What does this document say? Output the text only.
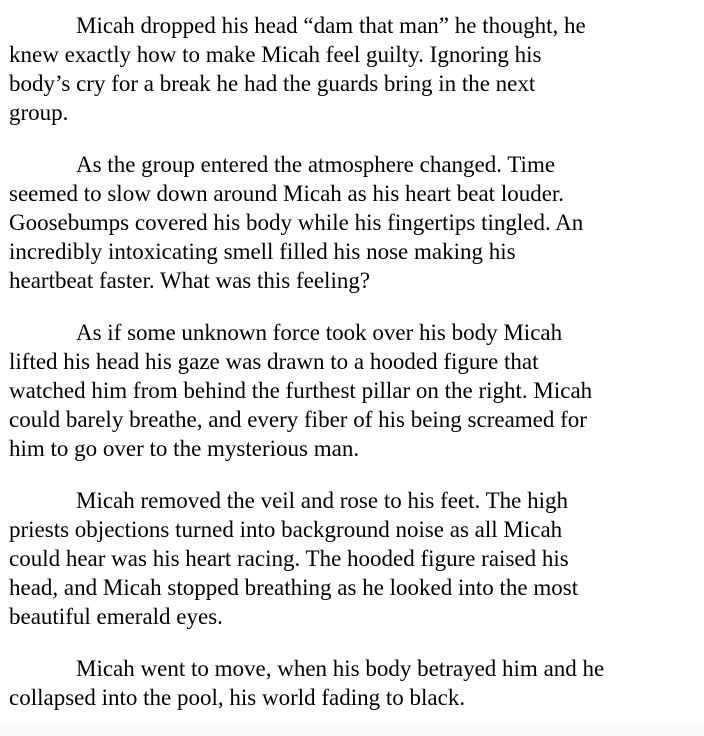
Micah dropped his head “dam that man” he thought, he
knew exactly how to make Micah feel guilty. Ignoring his
body’s cry for a break he had the guards bring in the next
group.

As the group entered the atmosphere changed. Time
seemed to slow down around Micah as his heart beat louder.
Goosebumps covered his body while his fingertips tingled. An
incredibly intoxicating smell filled his nose making his
heartbeat faster. What was this feeling?

As if some unknown force took over his body Micah
lifted his head his gaze was drawn to a hooded figure that
watched him from behind the furthest pillar on the right. Micah
could barely breathe, and every fiber of his being screamed for
him to go over to the mysterious man.

Micah removed the veil and rose to his feet. The high
priests objections turned into background noise as all Micah
could hear was his heart racing. The hooded figure raised his
head, and Micah stopped breathing as he looked into the most
beautiful emerald eyes.

Micah went to move, when his body betrayed him and he
collapsed into the pool, his world fading to black.
